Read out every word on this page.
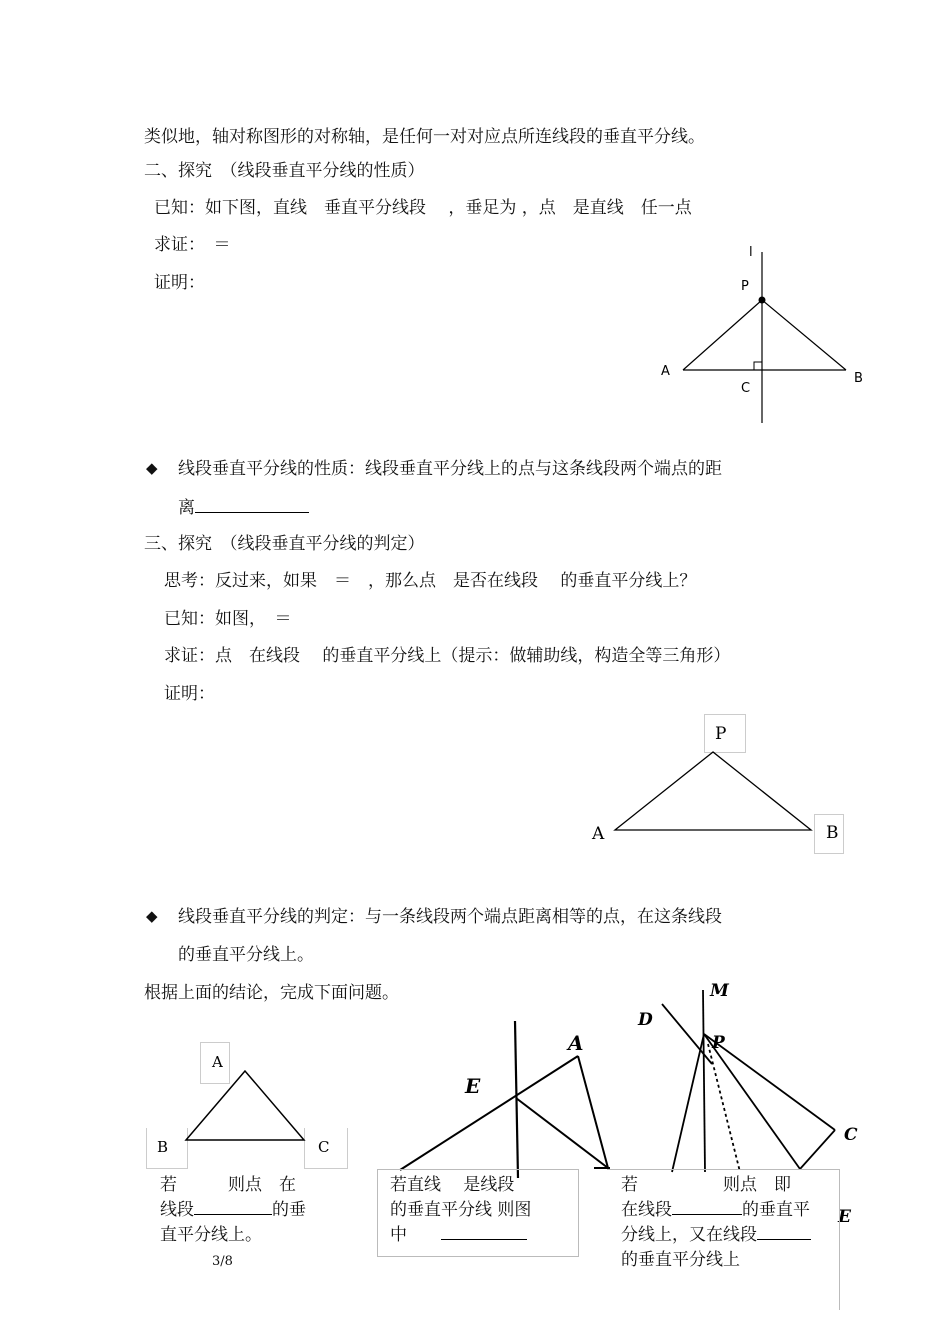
类似地，轴对称图形的对称轴，是任何一对对应点所连线段的垂直平分线。
二、探究　（线段垂直平分线的性质）
已知：如下图，直线　垂直平分线段　 ，垂足为 ，点　是直线　任一点
求证：　＝
证明：
l
P
A
C
B
◆ 线段垂直平分线的性质：线段垂直平分线上的点与这条线段两个端点的距
离
三、探究　（线段垂直平分线的判定）
思考：反过来，如果　＝　，那么点　是否在线段　 的垂直平分线上？
已知：如图，　＝
求证：点　在线段　 的垂直平分线上（提示：做辅助线，构造全等三角形）
证明：
P
A	B
◆ 线段垂直平分线的判定：与一条线段两个端点距离相等的点，在这条线段
的垂直平分线上。
根据上面的结论，完成下面问题。
A
B	C
A
E
M
D
P
C
E
若　　　则点　在
线段	的垂
直平分线上。
若直线　 是线段
的垂直平分线 则图
中
若　　　　　则点　即
在线段	的垂直平
分线上，又在线段
的垂直平分线上
3/8
